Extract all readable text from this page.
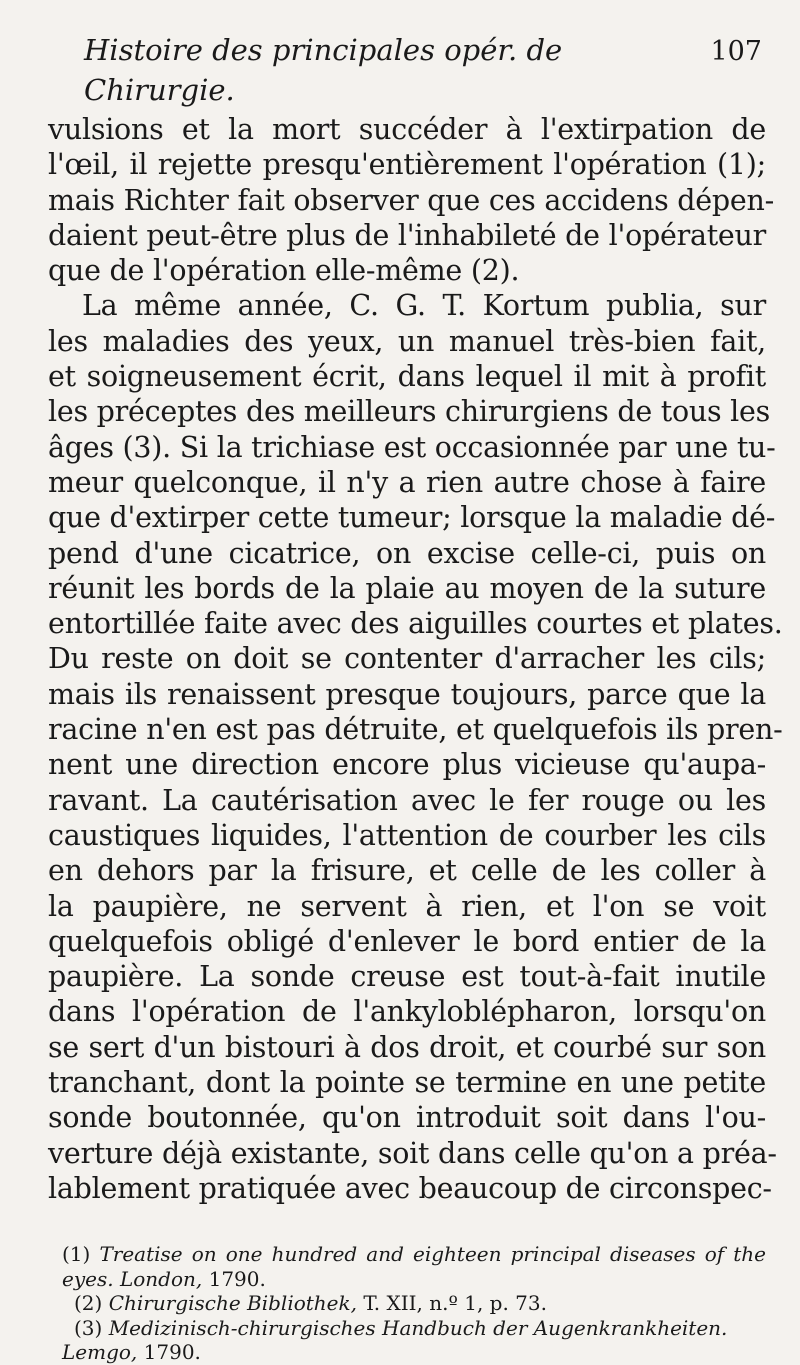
Histoire des principales opér. de Chirurgie.
107
vulsions et la mort succéder à l'extirpation de
l'œil, il rejette presqu'entièrement l'opération (1);
mais Richter fait observer que ces accidens dépen-
daient peut-être plus de l'inhabileté de l'opérateur
que de l'opération elle-même (2).
La même année, C. G. T. Kortum publia, sur
les maladies des yeux, un manuel très-bien fait,
et soigneusement écrit, dans lequel il mit à profit
les préceptes des meilleurs chirurgiens de tous les
âges (3). Si la trichiase est occasionnée par une tu-
meur quelconque, il n'y a rien autre chose à faire
que d'extirper cette tumeur; lorsque la maladie dé-
pend d'une cicatrice, on excise celle-ci, puis on
réunit les bords de la plaie au moyen de la suture
entortillée faite avec des aiguilles courtes et plates.
Du reste on doit se contenter d'arracher les cils;
mais ils renaissent presque toujours, parce que la
racine n'en est pas détruite, et quelquefois ils pren-
nent une direction encore plus vicieuse qu'aupa-
ravant. La cautérisation avec le fer rouge ou les
caustiques liquides, l'attention de courber les cils
en dehors par la frisure, et celle de les coller à
la paupière, ne servent à rien, et l'on se voit
quelquefois obligé d'enlever le bord entier de la
paupière. La sonde creuse est tout-à-fait inutile
dans l'opération de l'ankyloblépharon, lorsqu'on
se sert d'un bistouri à dos droit, et courbé sur son
tranchant, dont la pointe se termine en une petite
sonde boutonnée, qu'on introduit soit dans l'ou-
verture déjà existante, soit dans celle qu'on a préa-
lablement pratiquée avec beaucoup de circonspec-
(1) Treatise on one hundred and eighteen principal diseases of the
eyes. London, 1790.
(2) Chirurgische Bibliothek, T. XII, n.º 1, p. 73.
(3) Medizinisch-chirurgisches Handbuch der Augenkrankheiten.
Lemgo, 1790.
